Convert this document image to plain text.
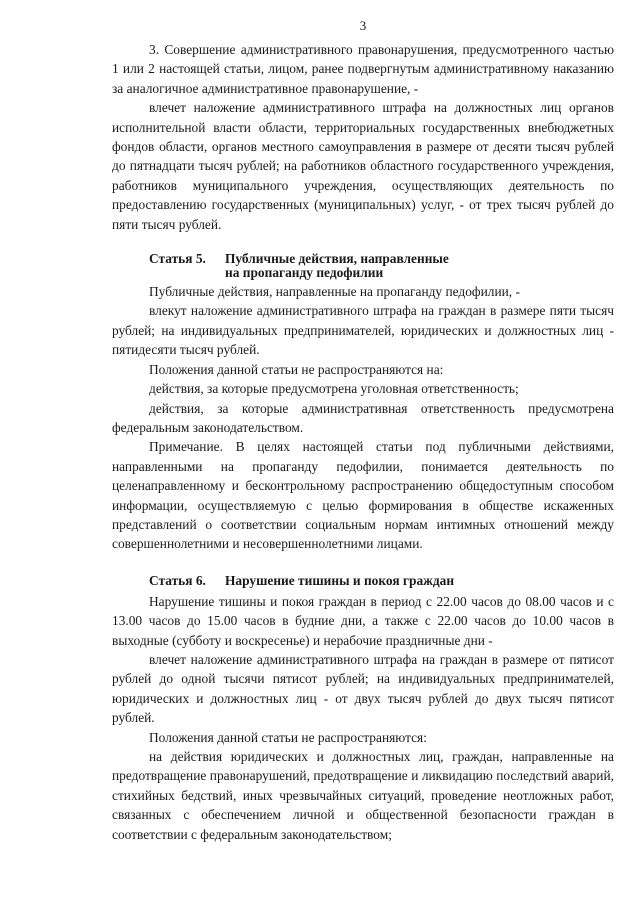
3

3. Совершение административного правонарушения, предусмотренного частью 1 или 2 настоящей статьи, лицом, ранее подвергнутым административному наказанию за аналогичное административное правонарушение, -

влечет наложение административного штрафа на должностных лиц органов исполнительной власти области, территориальных государственных внебюджетных фондов области, органов местного самоуправления в размере от десяти тысяч рублей до пятнадцати тысяч рублей; на работников областного государственного учреждения, работников муниципального учреждения, осуществляющих деятельность по предоставлению государственных (муниципальных) услуг, - от трех тысяч рублей до пяти тысяч рублей.

Статья 5. Публичные действия, направленные
на пропаганду педофилии

Публичные действия, направленные на пропаганду педофилии, -

влекут наложение административного штрафа на граждан в размере пяти тысяч рублей; на индивидуальных предпринимателей, юридических и должностных лиц - пятидесяти тысяч рублей.

Положения данной статьи не распространяются на:

действия, за которые предусмотрена уголовная ответственность;

действия, за которые административная ответственность предусмотрена федеральным законодательством.

Примечание. В целях настоящей статьи под публичными действиями, направленными на пропаганду педофилии, понимается деятельность по целенаправленному и бесконтрольному распространению общедоступным способом информации, осуществляемую с целью формирования в обществе искаженных представлений о соответствии социальным нормам интимных отношений между совершеннолетними и несовершеннолетними лицами.

Статья 6. Нарушение тишины и покоя граждан

Нарушение тишины и покоя граждан в период с 22.00 часов до 08.00 часов и с 13.00 часов до 15.00 часов в будние дни, а также с 22.00 часов до 10.00 часов в выходные (субботу и воскресенье) и нерабочие праздничные дни -

влечет наложение административного штрафа на граждан в размере от пятисот рублей до одной тысячи пятисот рублей; на индивидуальных предпринимателей, юридических и должностных лиц - от двух тысяч рублей до двух тысяч пятисот рублей.

Положения данной статьи не распространяются:

на действия юридических и должностных лиц, граждан, направленные на предотвращение правонарушений, предотвращение и ликвидацию последствий аварий, стихийных бедствий, иных чрезвычайных ситуаций, проведение неотложных работ, связанных с обеспечением личной и общественной безопасности граждан в соответствии с федеральным законодательством;
